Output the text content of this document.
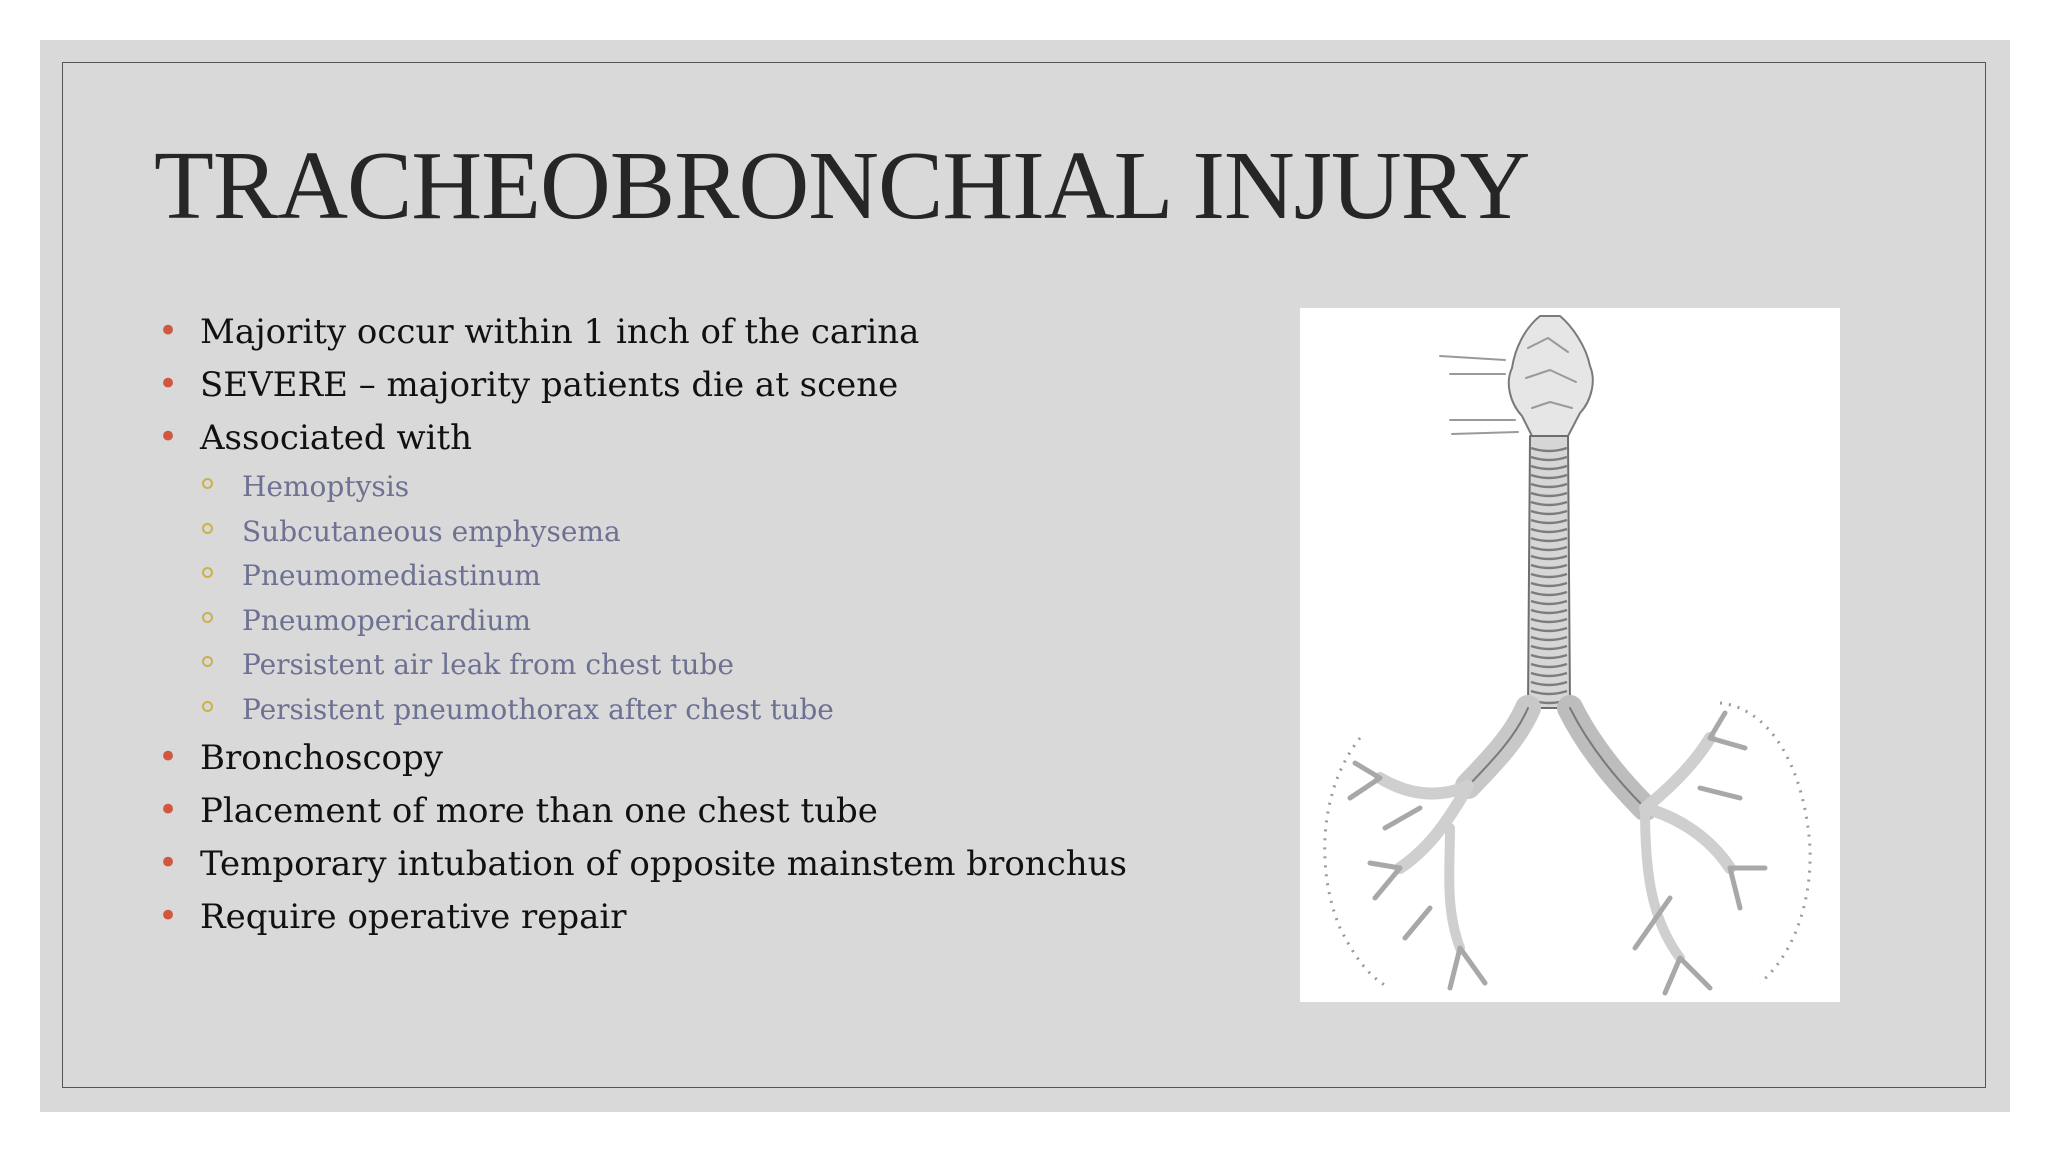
TRACHEOBRONCHIAL INJURY
• Majority occur within 1 inch of the carina
• SEVERE – majority patients die at scene
• Associated with
Hemoptysis
Subcutaneous emphysema
Pneumomediastinum
Pneumopericardium
Persistent air leak from chest tube
Persistent pneumothorax after chest tube
• Bronchoscopy
• Placement of more than one chest tube
• Temporary intubation of opposite mainstem bronchus
• Require operative repair
